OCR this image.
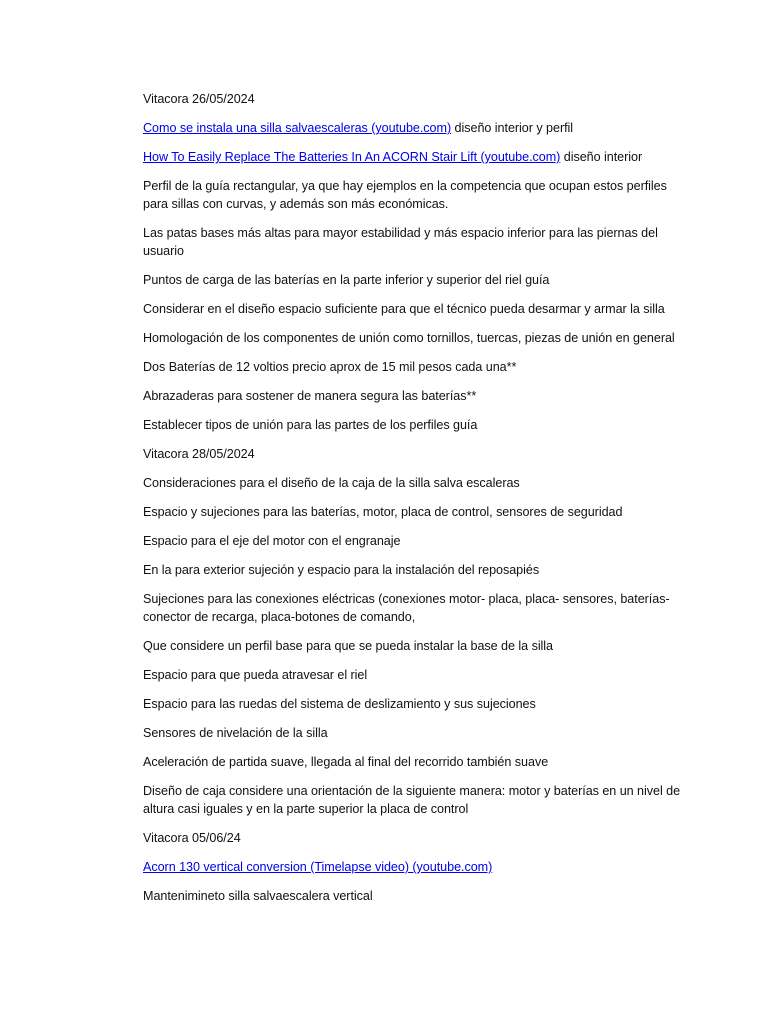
Vitacora 26/05/2024

Como se instala una silla salvaescaleras (youtube.com) diseño interior y perfil

How To Easily Replace The Batteries In An ACORN Stair Lift (youtube.com) diseño interior

Perfil de la guía rectangular, ya que hay ejemplos en la competencia que ocupan estos perfiles para sillas con curvas, y además son más económicas.

Las patas bases más altas para mayor estabilidad y más espacio inferior para las piernas del usuario

Puntos de carga de las baterías en la parte inferior y superior del riel guía

Considerar en el diseño espacio suficiente para que el técnico pueda desarmar y armar la silla

Homologación de los componentes de unión como tornillos, tuercas, piezas de unión en general

Dos Baterías de 12 voltios precio aprox de 15 mil pesos cada una**

Abrazaderas para sostener de manera segura las baterías**

Establecer tipos de unión para las partes de los perfiles guía

Vitacora 28/05/2024

Consideraciones para el diseño de la caja de la silla salva escaleras

Espacio y sujeciones para las baterías, motor, placa de control, sensores de seguridad

Espacio para el eje del motor con el engranaje

En la para exterior sujeción y espacio para la instalación del reposapiés

Sujeciones para las conexiones eléctricas (conexiones motor- placa, placa- sensores, baterías-conector de recarga, placa-botones de comando,

Que considere un perfil base para que se pueda instalar la base de la silla

Espacio para que pueda atravesar el riel

Espacio para las ruedas del sistema de deslizamiento y sus sujeciones

Sensores de nivelación de la silla

Aceleración de partida suave, llegada al final del recorrido también suave

Diseño de caja considere una orientación de la siguiente manera: motor y baterías en un nivel de altura casi iguales y en la parte superior la placa de control

Vitacora 05/06/24

Acorn 130 vertical conversion (Timelapse video) (youtube.com)

Mantenimineto silla salvaescalera vertical
